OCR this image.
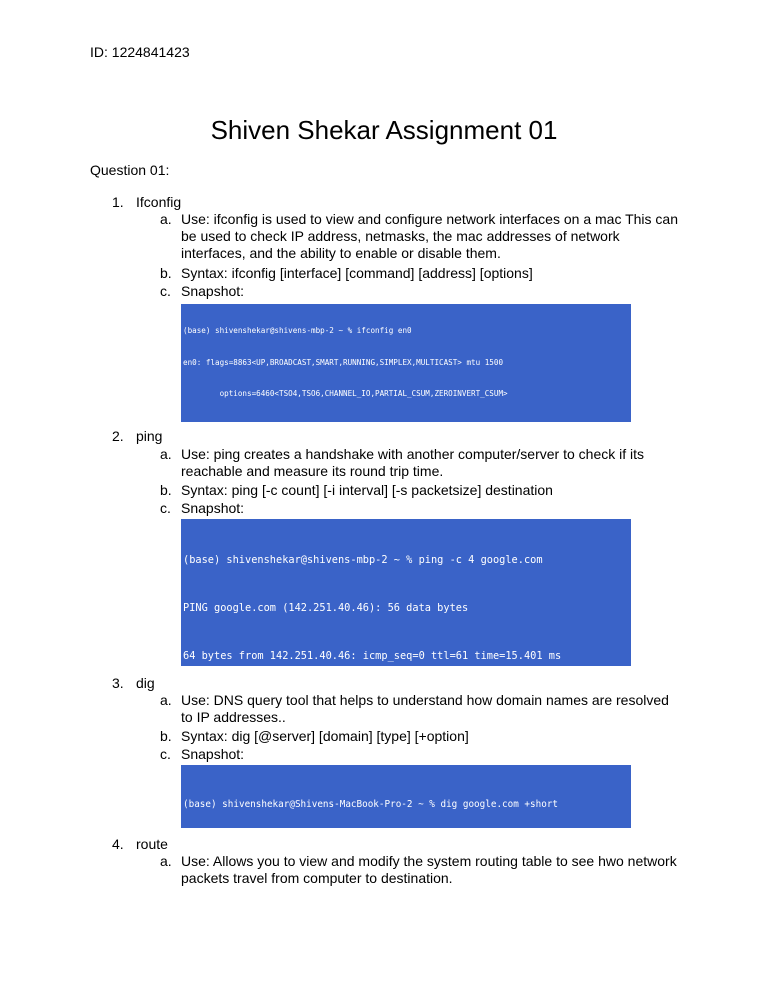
ID: 1224841423
Shiven Shekar Assignment 01
Question 01:
1. Ifconfig
a. Use: ifconfig is used to view and configure network interfaces on a mac This can be used to check IP address, netmasks, the mac addresses of network interfaces, and the ability to enable or disable them.
b. Syntax: ifconfig [interface] [command] [address] [options]
c. Snapshot:

(base) shivenshekar@shivens-mbp-2 ~ % ifconfig en0

en0: flags=8863<UP,BROADCAST,SMART,RUNNING,SIMPLEX,MULTICAST> mtu 1500

options=6460<TSO4,TSO6,CHANNEL_IO,PARTIAL_CSUM,ZEROINVERT_CSUM>

2. ping
a. Use: ping creates a handshake with another computer/server to check if its reachable and measure its round trip time.
b. Syntax: ping [-c count] [-i interval] [-s packetsize] destination
c. Snapshot:

(base) shivenshekar@shivens-mbp-2 ~ % ping -c 4 google.com

PING google.com (142.251.40.46): 56 data bytes

64 bytes from 142.251.40.46: icmp_seq=0 ttl=61 time=15.401 ms

3. dig
a. Use: DNS query tool that helps to understand how domain names are resolved to IP addresses..
b. Syntax: dig [@server] [domain] [type] [+option]
c. Snapshot:

(base) shivenshekar@Shivens-MacBook-Pro-2 ~ % dig google.com +short

4. route
a. Use: Allows you to view and modify the system routing table to see hwo network packets travel from computer to destination.
